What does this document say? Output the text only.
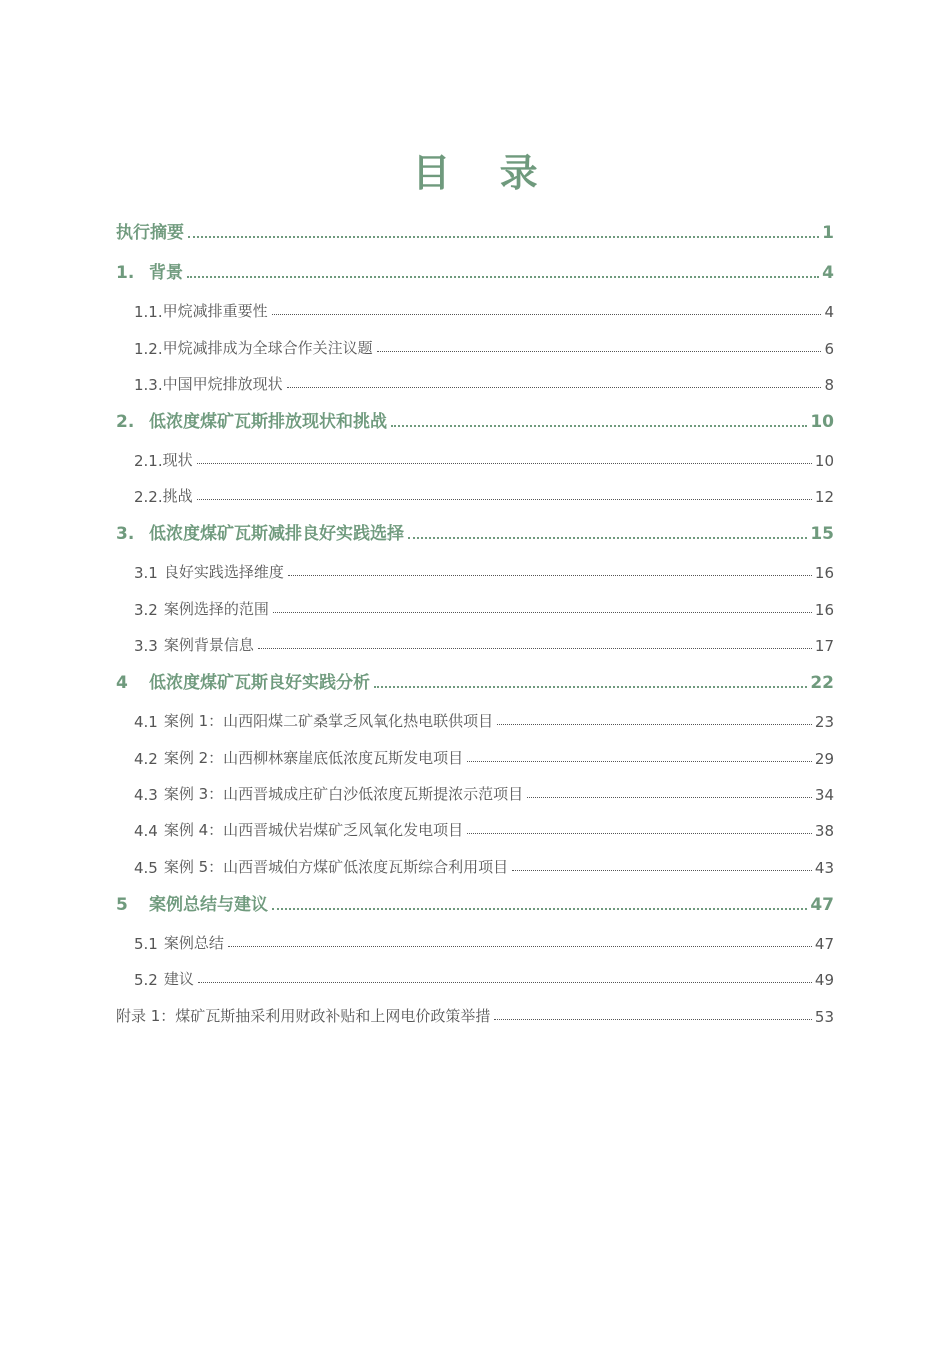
目 录
执行摘要	1
1. 背景	4
1.1. 甲烷减排重要性	4
1.2. 甲烷减排成为全球合作关注议题	6
1.3. 中国甲烷排放现状	8
2. 低浓度煤矿瓦斯排放现状和挑战	10
2.1. 现状	10
2.2. 挑战	12
3. 低浓度煤矿瓦斯减排良好实践选择	15
3.1 良好实践选择维度	16
3.2 案例选择的范围	16
3.3 案例背景信息	17
4	低浓度煤矿瓦斯良好实践分析	22
4.1 案例 1：山西阳煤二矿桑掌乏风氧化热电联供项目	23
4.2 案例 2：山西柳林寨崖底低浓度瓦斯发电项目	29
4.3 案例 3：山西晋城成庄矿白沙低浓度瓦斯提浓示范项目	34
4.4 案例 4：山西晋城伏岩煤矿乏风氧化发电项目	38
4.5 案例 5：山西晋城伯方煤矿低浓度瓦斯综合利用项目	43
5	案例总结与建议	47
5.1 案例总结	47
5.2 建议	49
附录 1：煤矿瓦斯抽采利用财政补贴和上网电价政策举措	53
